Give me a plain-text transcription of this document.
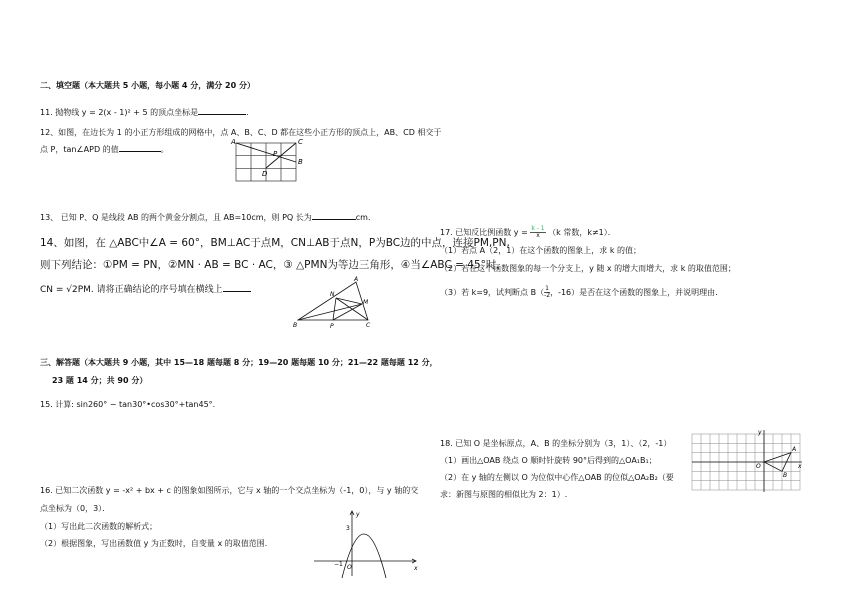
二、填空题（本大题共 5 小题，每小题 4 分，满分 20 分）
11. 抛物线 y = 2(x - 1)² + 5 的顶点坐标是	．
12、如图，在边长为 1 的小正方形组成的网格中，点 A、B、C、D 都在这些小正方形的顶点上，AB、CD 相交于
点 P，tan∠APD 的值	。
A	C
B
D
P
13、 已知 P、Q 是线段 AB 的两个黄金分割点，且 AB=10cm，则 PQ 长为	cm．
14、如图，在 △ABC中∠A = 60°，BM⊥AC于点M，CN⊥AB于点N，P为BC边的中点，连接PM,PN,
则下列结论：①PM = PN，②MN · AB = BC · AC，③ △PMN为等边三角形，④当∠ABC = 45°时，
CN = √2PM. 请将正确结论的序号填在横线上
B	C
A
M
N
P
三、解答题（本大题共 9 小题，其中 15—18 题每题 8 分；19—20 题每题 10 分；21—22 题每题 12 分，
23 题 14 分；共 90 分）
15. 计算: sin260° − tan30°•cos30°+tan45°.
16. 已知二次函数 y = -x² + bx + c 的图象如图所示，它与 x 轴的一个交点坐标为（-1，0），与 y 轴的交
点坐标为（0，3）．
（1）写出此二次函数的解析式；
（2）根据图象，写出函数值 y 为正数时，自变量 x 的取值范围.
y
x
3
−1 O
17. 已知反比例函数 $y = \frac{k - 1}{x} (k$ 常数，k≠1）．
（1）若点 A（2，1）在这个函数的图象上，求 k 的值；
（2）若在这个函数图象的每一个分支上，y 随 x 的增大而增大，求 k 的取值范围；
（3）若 k=9，试判断点 $B( \frac{1}{-2}$ ，-16）是否在这个函数的图象上，并说明理由.
18. 已知 O 是坐标原点，A、B 的坐标分别为（3，1）、（2，-1）
（1）画出△OAB 绕点 O 顺时针旋转 90°后得到的△OA₁B₁；
（2）在 y 轴的左侧以 O 为位似中心作△OAB 的位似△OA₂B₂（要
求：新图与原图的相似比为 2：1）.
y
x
O
A
B
